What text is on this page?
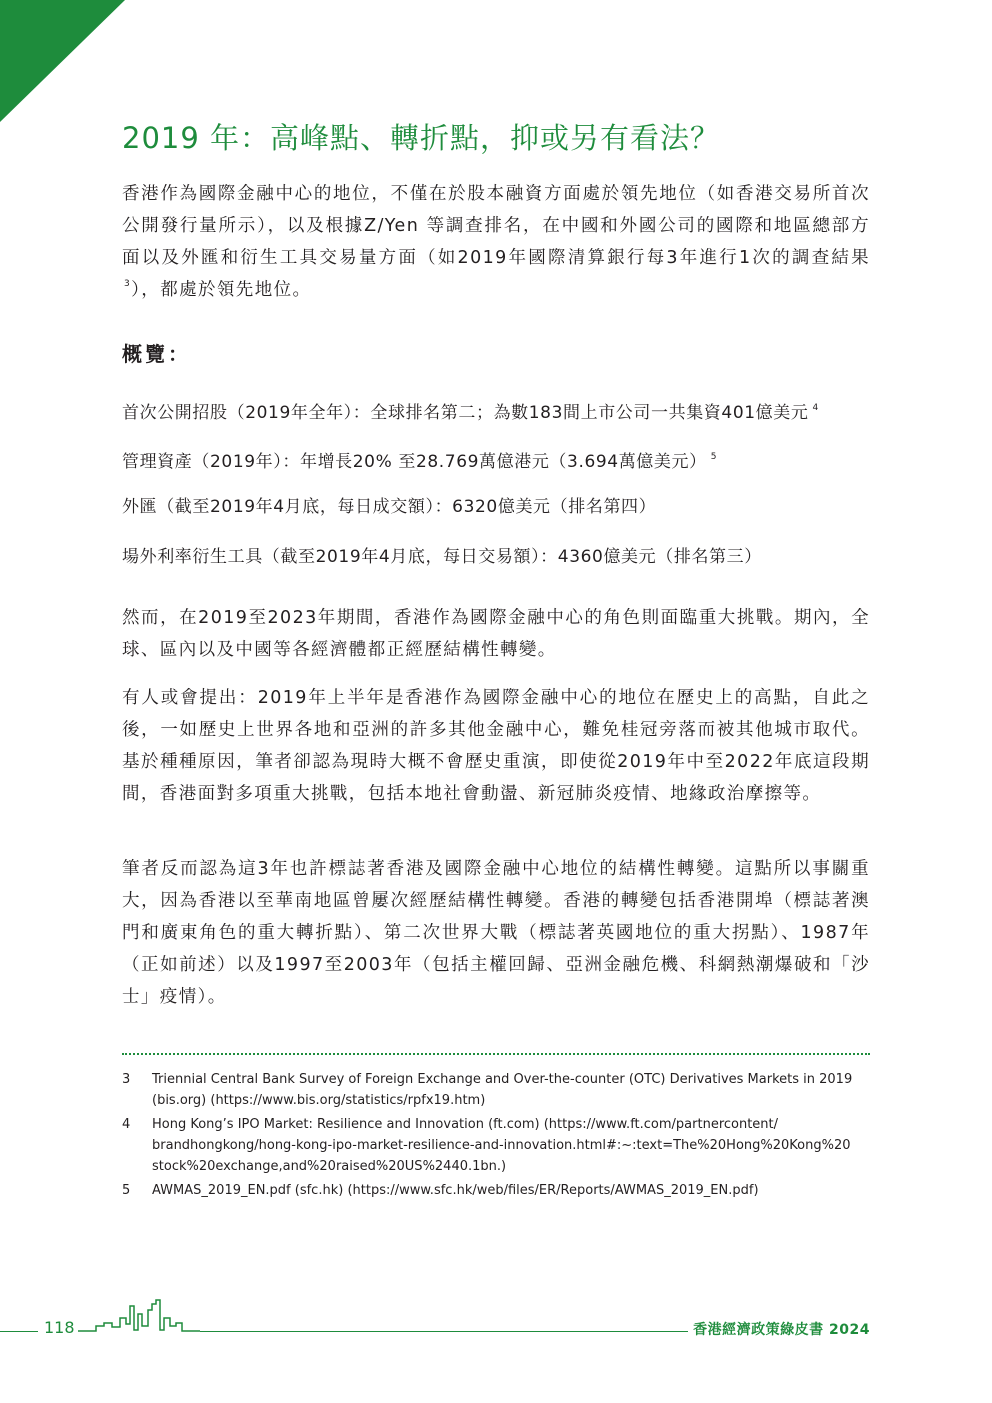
2019 年：高峰點、轉折點，抑或另有看法？

香港作為國際金融中心的地位，不僅在於股本融資方面處於領先地位（如香港交易所首次公開發行量所示），以及根據Z/Yen 等調查排名，在中國和外國公司的國際和地區總部方面以及外匯和衍生工具交易量方面（如2019年國際清算銀行每3年進行1次的調查結果$^3$），都處於領先地位。

概覽：

首次公開招股（2019年全年）：全球排名第二；為數183間上市公司一共集資401億美元 $^4$

管理資產（2019年）：年增長20% 至28.769萬億港元（3.694萬億美元） $^5$

外匯（截至2019年4月底，每日成交額）：6320億美元（排名第四）

場外利率衍生工具（截至2019年4月底，每日交易額）：4360億美元（排名第三）

然而，在2019至2023年期間，香港作為國際金融中心的角色則面臨重大挑戰。期內，全球、區內以及中國等各經濟體都正經歷結構性轉變。

有人或會提出：2019年上半年是香港作為國際金融中心的地位在歷史上的高點，自此之後，一如歷史上世界各地和亞洲的許多其他金融中心，難免桂冠旁落而被其他城市取代。基於種種原因，筆者卻認為現時大概不會歷史重演，即使從2019年中至2022年底這段期間，香港面對多項重大挑戰，包括本地社會動盪、新冠肺炎疫情、地緣政治摩擦等。

筆者反而認為這3年也許標誌著香港及國際金融中心地位的結構性轉變。這點所以事關重大，因為香港以至華南地區曾屢次經歷結構性轉變。香港的轉變包括香港開埠（標誌著澳門和廣東角色的重大轉折點）、第二次世界大戰（標誌著英國地位的重大拐點）、1987年（正如前述）以及1997至2003年（包括主權回歸、亞洲金融危機、科網熱潮爆破和「沙士」疫情）。

3 Triennial Central Bank Survey of Foreign Exchange and Over-the-counter (OTC) Derivatives Markets in 2019 (bis.org) (https://www.bis.org/statistics/rpfx19.htm)
4 Hong Kong’s IPO Market: Resilience and Innovation (ft.com) (https://www.ft.com/partnercontent/ brandhongkong/hong-kong-ipo-market-resilience-and-innovation.html#:~:text=The%20Hong%20Kong%20 stock%20exchange,and%20raised%20US%2440.1bn.)
5 AWMAS_2019_EN.pdf (sfc.hk) (https://www.sfc.hk/web/files/ER/Reports/AWMAS_2019_EN.pdf)
118	香港經濟政策綠皮書 2024
